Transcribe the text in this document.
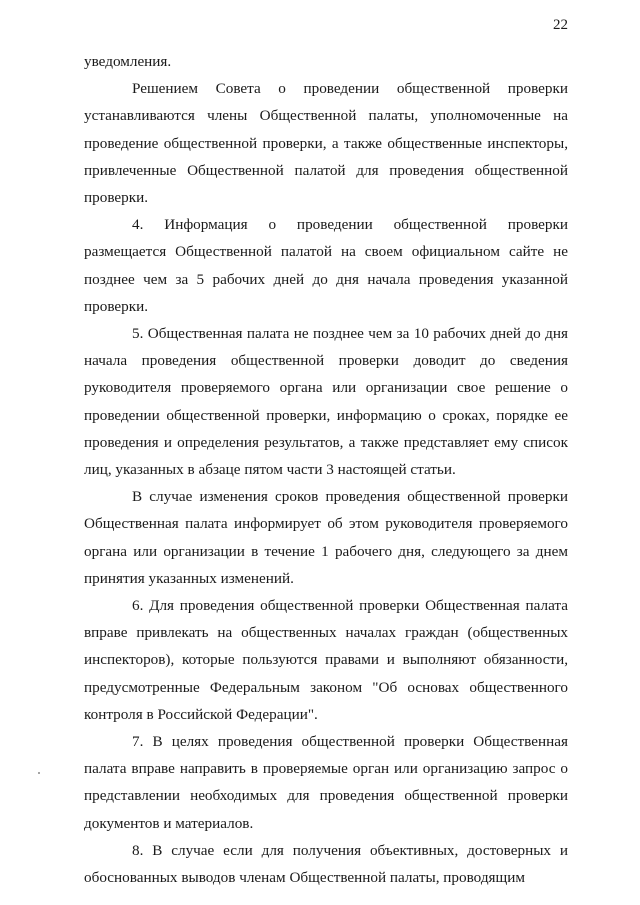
22

уведомления.

Решением Совета о проведении общественной проверки устанавливаются члены Общественной палаты, уполномоченные на проведение общественной проверки, а также общественные инспекторы, привлеченные Общественной палатой для проведения общественной проверки.

4. Информация о проведении общественной проверки размещается Общественной палатой на своем официальном сайте не позднее чем за 5 рабочих дней до дня начала проведения указанной проверки.

5. Общественная палата не позднее чем за 10 рабочих дней до дня начала проведения общественной проверки доводит до сведения руководителя проверяемого органа или организации свое решение о проведении общественной проверки, информацию о сроках, порядке ее проведения и определения результатов, а также представляет ему список лиц, указанных в абзаце пятом части 3 настоящей статьи.

В случае изменения сроков проведения общественной проверки Общественная палата информирует об этом руководителя проверяемого органа или организации в течение 1 рабочего дня, следующего за днем принятия указанных изменений.

6. Для проведения общественной проверки Общественная палата вправе привлекать на общественных началах граждан (общественных инспекторов), которые пользуются правами и выполняют обязанности, предусмотренные Федеральным законом "Об основах общественного контроля в Российской Федерации".

7. В целях проведения общественной проверки Общественная палата вправе направить в проверяемые орган или организацию запрос о представлении необходимых для проведения общественной проверки документов и материалов.

8. В случае если для получения объективных, достоверных и обоснованных выводов членам Общественной палаты, проводящим
